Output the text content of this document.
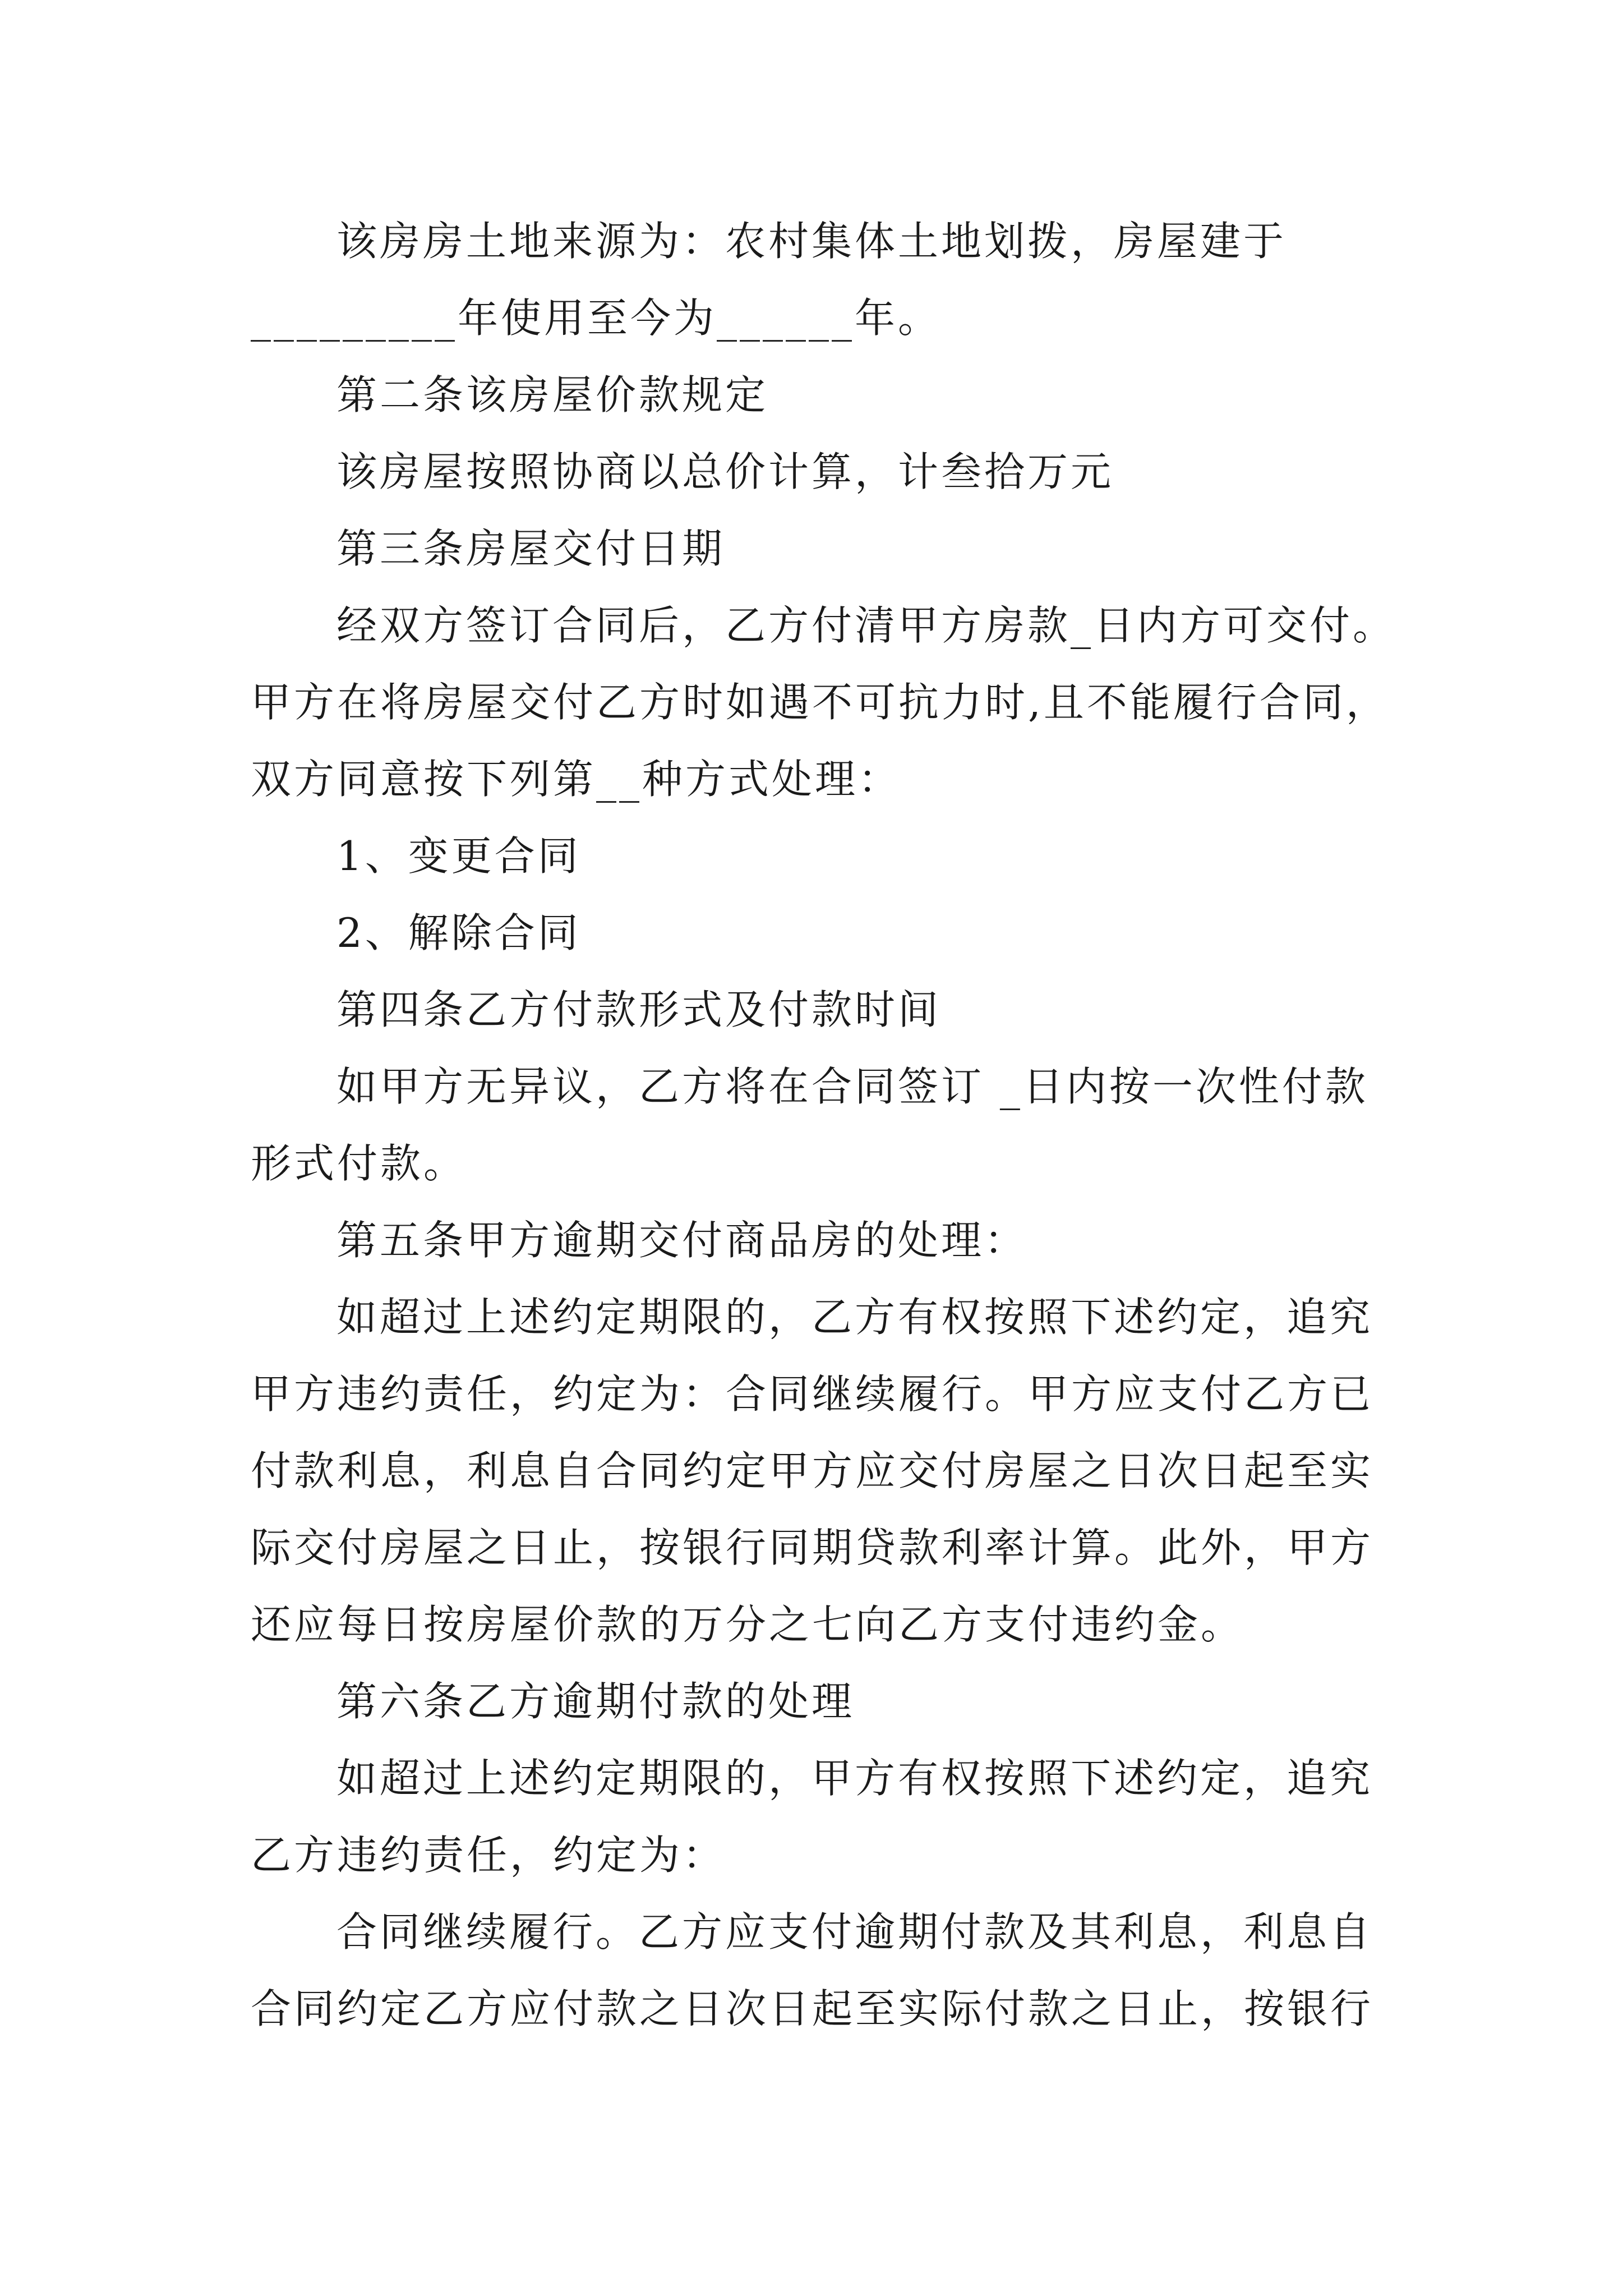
该房房土地来源为：农村集体土地划拨，房屋建于
_________年使用至今为______年。
第二条该房屋价款规定
该房屋按照协商以总价计算，计叁拾万元
第三条房屋交付日期
经双方签订合同后，乙方付清甲方房款_日内方可交付。
甲方在将房屋交付乙方时如遇不可抗力时,且不能履行合同，
双方同意按下列第__种方式处理：
1、变更合同
2、解除合同
第四条乙方付款形式及付款时间
如甲方无异议，乙方将在合同签订 _日内按一次性付款
形式付款。
第五条甲方逾期交付商品房的处理：
如超过上述约定期限的，乙方有权按照下述约定，追究
甲方违约责任，约定为：合同继续履行。甲方应支付乙方已
付款利息，利息自合同约定甲方应交付房屋之日次日起至实
际交付房屋之日止，按银行同期贷款利率计算。此外，甲方
还应每日按房屋价款的万分之七向乙方支付违约金。
第六条乙方逾期付款的处理
如超过上述约定期限的，甲方有权按照下述约定，追究
乙方违约责任，约定为：
合同继续履行。乙方应支付逾期付款及其利息，利息自
合同约定乙方应付款之日次日起至实际付款之日止，按银行
